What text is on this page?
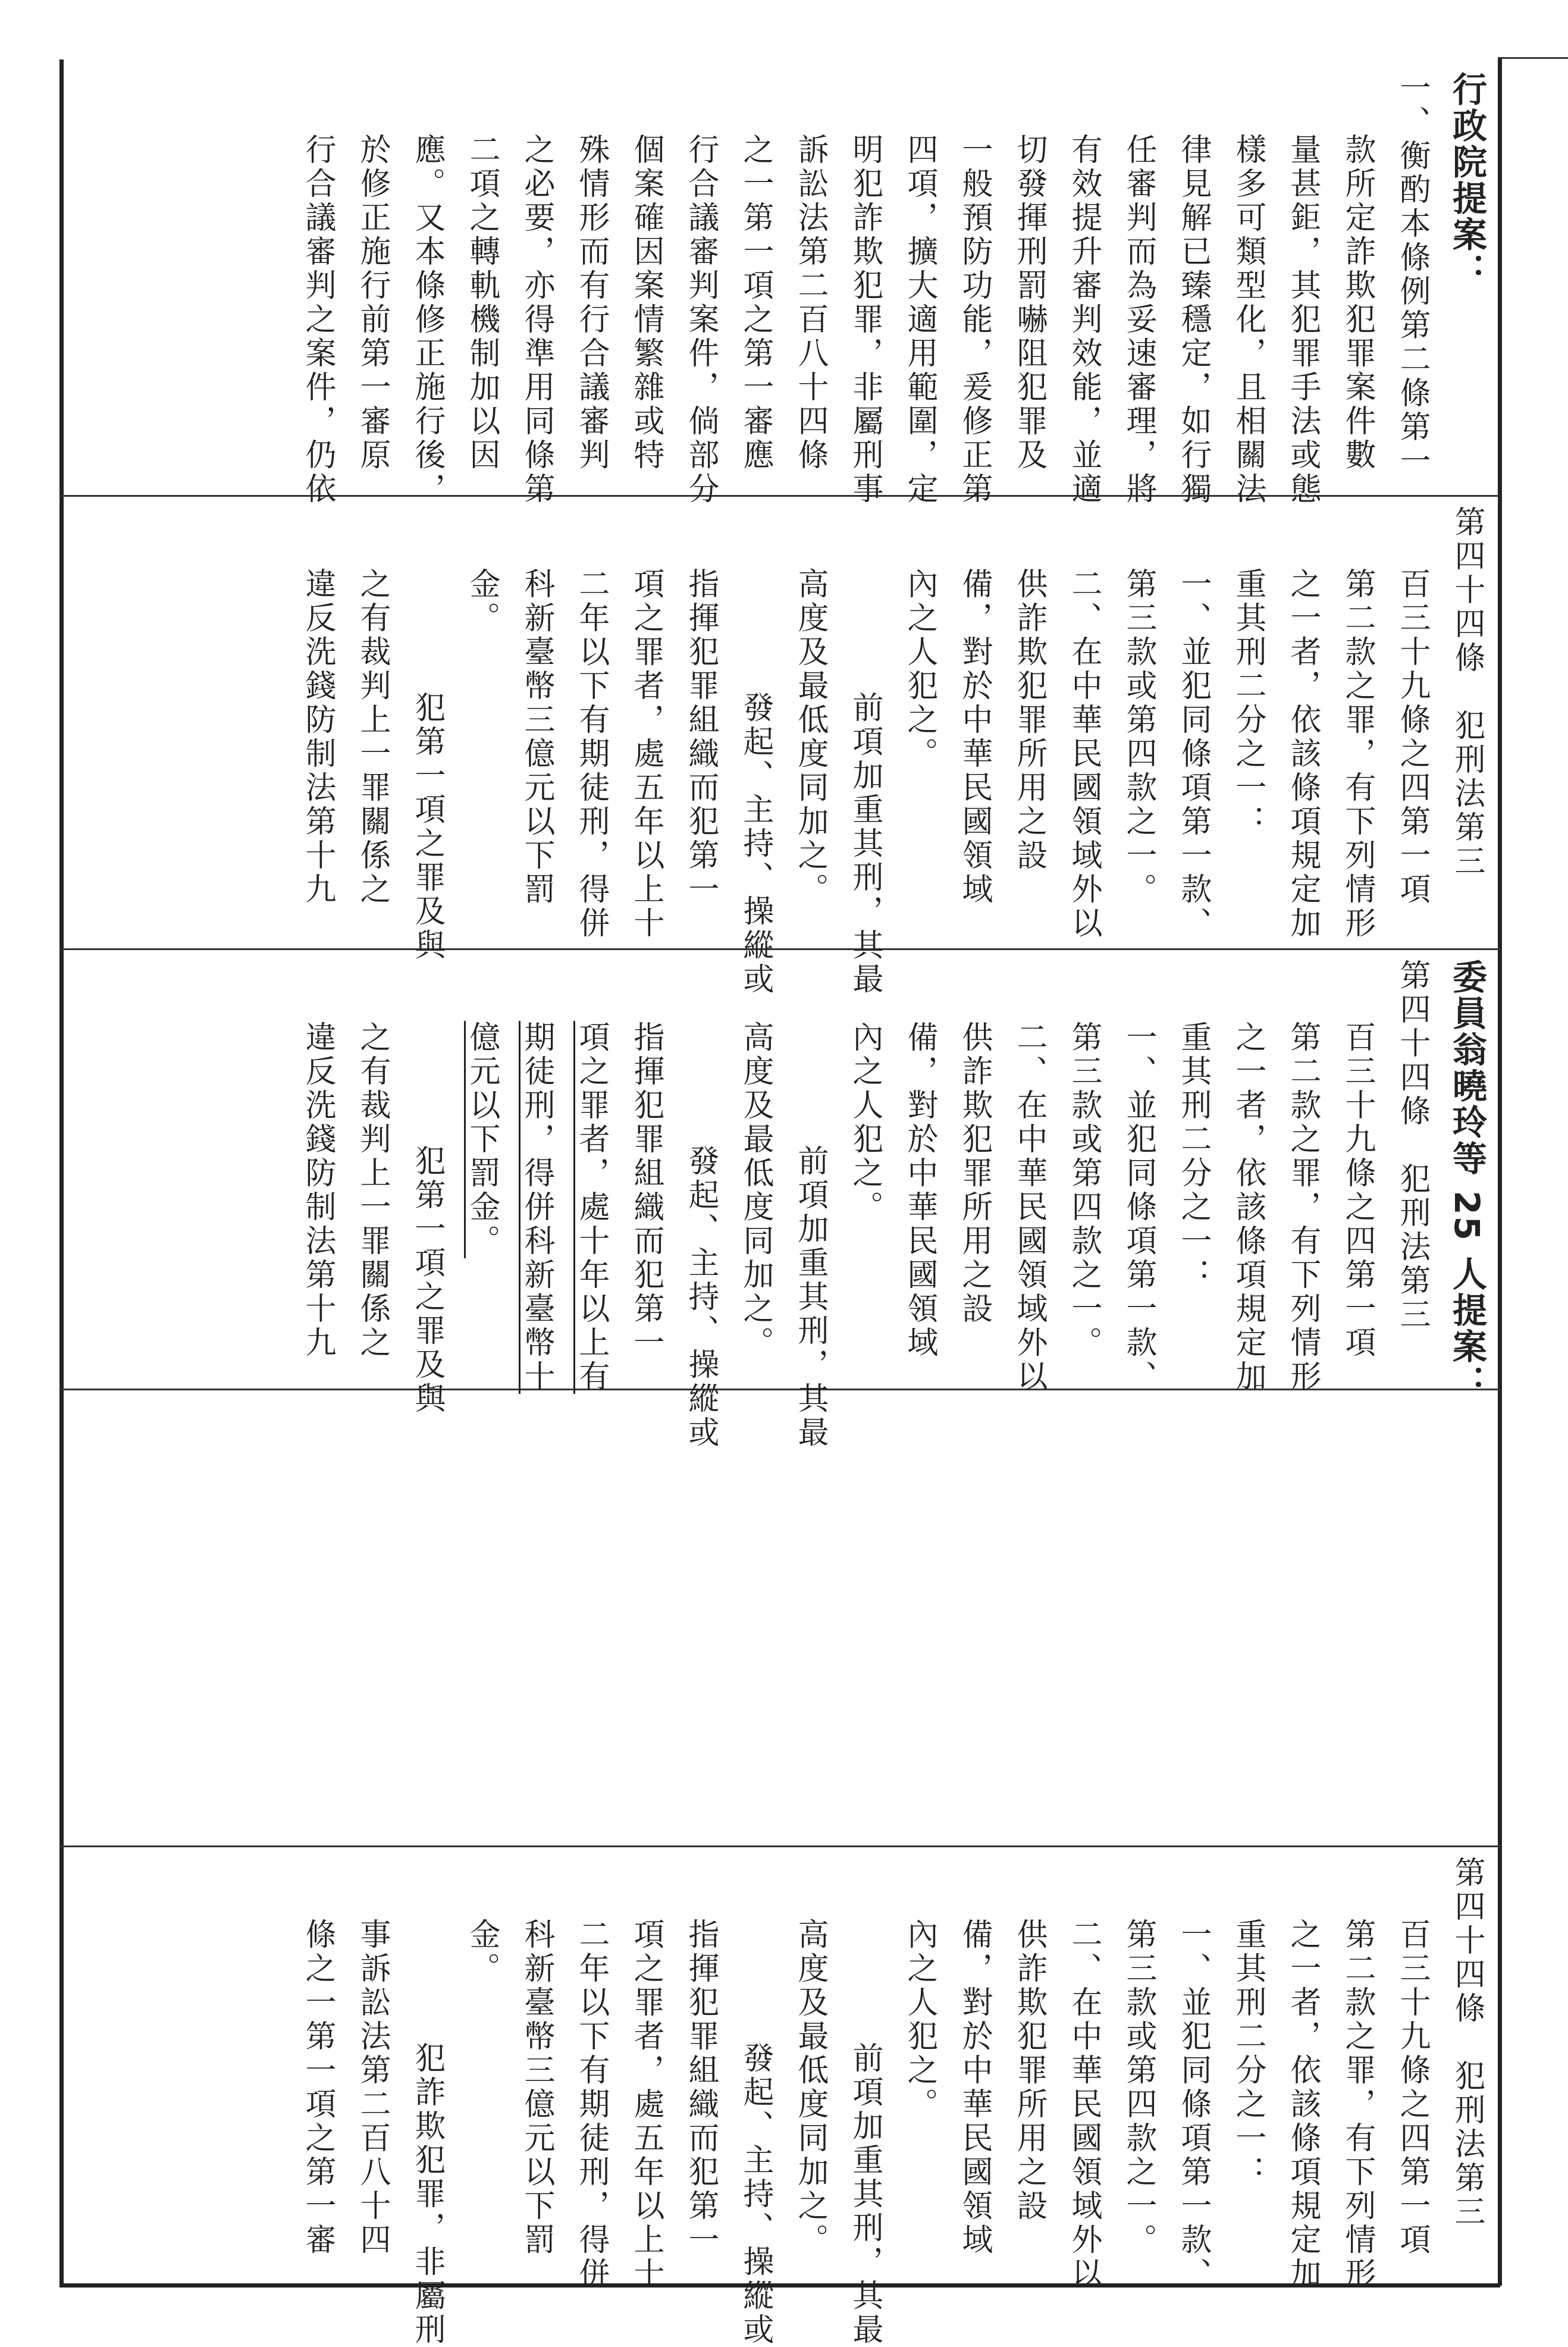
行政院提案：
一、衡酌本條例第二條第一
款所定詐欺犯罪案件數
量甚鉅，其犯罪手法或態
樣多可類型化，且相關法
律見解已臻穩定，如行獨
任審判而為妥速審理，將
有效提升審判效能，並適
切發揮刑罰嚇阻犯罪及
一般預防功能，爰修正第
四項，擴大適用範圍，定
明犯詐欺犯罪，非屬刑事
訴訟法第二百八十四條
之一第一項之第一審應
行合議審判案件，倘部分
個案確因案情繁雜或特
殊情形而有行合議審判
之必要，亦得準用同條第
二項之轉軌機制加以因
應。又本條修正施行後，
於修正施行前第一審原
行合議審判之案件，仍依
第四十四條　犯刑法第三
百三十九條之四第一項
第二款之罪，有下列情形
之一者，依該條項規定加
重其刑二分之一：
一、並犯同條項第一款、
第三款或第四款之一。
二、在中華民國領域外以
供詐欺犯罪所用之設
備，對於中華民國領域
內之人犯之。
前項加重其刑，其最
高度及最低度同加之。
發起、主持、操縱或
指揮犯罪組織而犯第一
項之罪者，處五年以上十
二年以下有期徒刑，得併
科新臺幣三億元以下罰
金。
犯第一項之罪及與
之有裁判上一罪關係之
違反洗錢防制法第十九
委員翁曉玲等 25 人提案：
第四十四條　犯刑法第三
百三十九條之四第一項
第二款之罪，有下列情形
之一者，依該條項規定加
重其刑二分之一：
一、並犯同條項第一款、
第三款或第四款之一。
二、在中華民國領域外以
供詐欺犯罪所用之設
備，對於中華民國領域
內之人犯之。
前項加重其刑，其最
高度及最低度同加之。
發起、主持、操縱或
指揮犯罪組織而犯第一
項之罪者，處十年以上有
期徒刑，得併科新臺幣十
億元以下罰金。
犯第一項之罪及與
之有裁判上一罪關係之
違反洗錢防制法第十九
第四十四條　犯刑法第三
百三十九條之四第一項
第二款之罪，有下列情形
之一者，依該條項規定加
重其刑二分之一：
一、並犯同條項第一款、
第三款或第四款之一。
二、在中華民國領域外以
供詐欺犯罪所用之設
備，對於中華民國領域
內之人犯之。
前項加重其刑，其最
高度及最低度同加之。
發起、主持、操縱或
指揮犯罪組織而犯第一
項之罪者，處五年以上十
二年以下有期徒刑，得併
科新臺幣三億元以下罰
金。
犯詐欺犯罪，非屬刑
事訴訟法第二百八十四
條之一第一項之第一審
